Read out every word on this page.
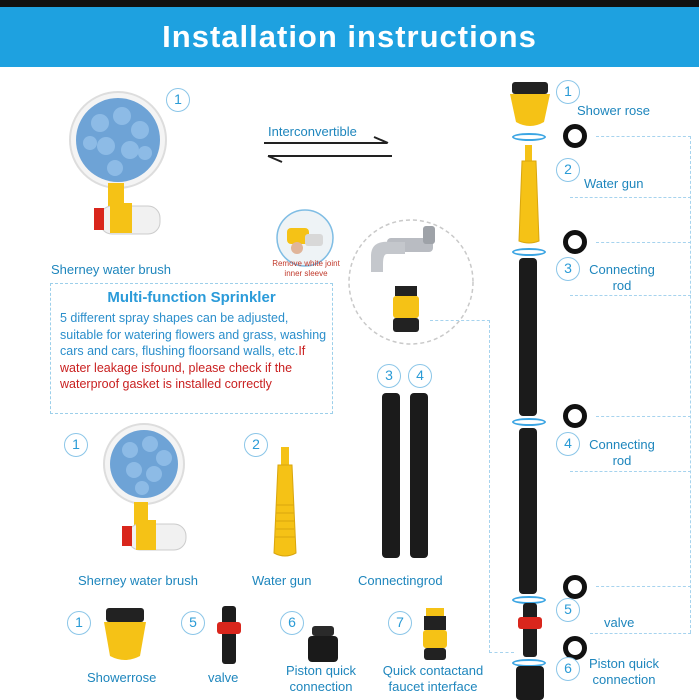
Installation instructions
1
Sherney water brush
Interconvertible
Remove white joint inner sleeve
Multi-function Sprinkler
5 different spray shapes can be adjusted, suitable for watering flowers and grass, washing cars and cars, flushing floorsand walls, etc.If water leakage isfound, please check if the waterproof gasket is installed correctly
1
Sherney water brush
2
Water gun
3	4
Connectingrod
1
Showerrose
5
valve
6
Piston quick connection
7
Quick contactand faucet interface
1
Shower rose
2
Water gun
3	Connecting rod
4	Connecting rod
5
valve
6	Piston quick connection
